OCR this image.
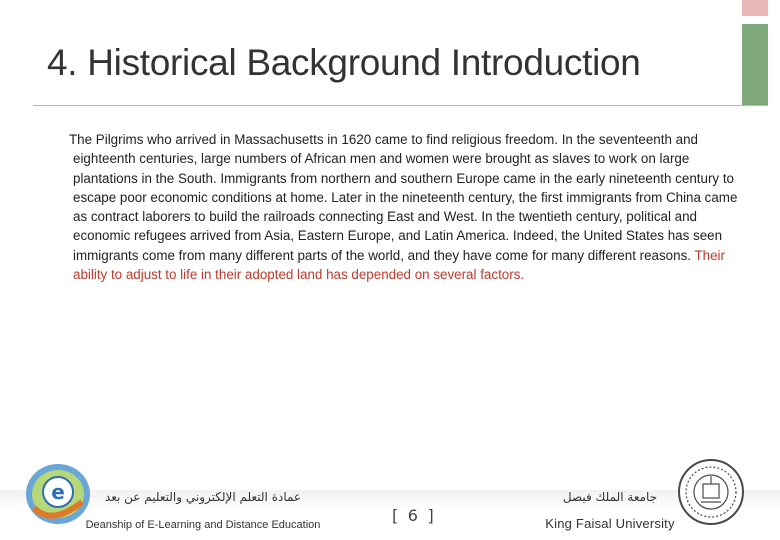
4. Historical Background Introduction
The Pilgrims who arrived in Massachusetts in 1620 came to find religious freedom. In the seventeenth and eighteenth centuries, large numbers of African men and women were brought as slaves to work on large plantations in the South. Immigrants from northern and southern Europe came in the early nineteenth century to escape poor economic conditions at home. Later in the nineteenth century, the first immigrants from China came as contract laborers to build the railroads connecting East and West. In the twentieth century, political and economic refugees arrived from Asia, Eastern Europe, and Latin America. Indeed, the United States has seen immigrants come from many different parts of the world, and they have come for many different reasons. Their ability to adjust to life in their adopted land has depended on several factors.
e	عمادة التعلم الإلكتروني والتعليم عن بعد
Deanship of E-Learning and Distance Education	[ 6 ]
جامعة الملك فيصل
King Faisal University
